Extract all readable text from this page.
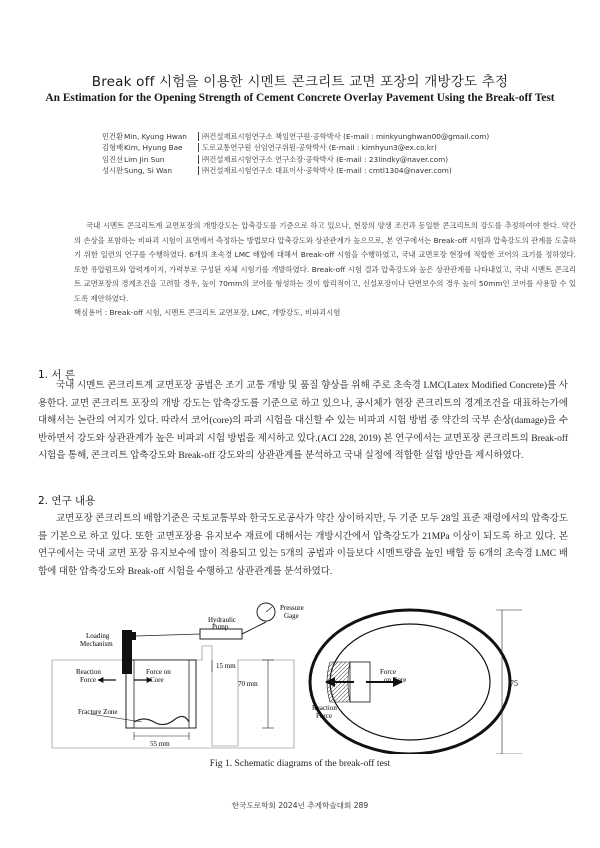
Break off 시험을 이용한 시멘트 콘크리트 교면 포장의 개방강도 추정
An Estimation for the Opening Strength of Cement Concrete Overlay Pavement Using the Break-off Test
민건환 Min, Kyung Hwan	㈜건설재료시험연구소 책임연구원·공학박사 (E-mail : minkyunghwan00@gmail.com)
김형배 Kim, Hyung Bae	도로교통연구원 선임연구위원·공학박사 (E-mail : kimhyun3@ex.co.kr)
임진선 Lim Jin Sun	㈜건설재료시험연구소 연구소장·공학박사 (E-mail : 23lindky@naver.com)
성시완 Sung, Si Wan	㈜건설재료시험연구소 대표이사·공학박사 (E-mail : cmtl1304@naver.com)

국내 시멘트 콘크리트계 교면포장의 개방강도는 압축강도를 기준으로 하고 있으나, 현장의 양생 조건과 동일한 콘크리트의 강도를 추정하여야 한다. 약간의 손상을 포함하는 비파괴 시험이 표면에서 측정하는 방법보다 압축강도와 상관관계가 높으므로, 본 연구에서는 Break-off 시험과 압축강도의 관계를 도출하기 위한 일련의 연구를 수행하였다. 6개의 초속경 LMC 배합에 대해서 Break-off 시험을 수행하였고, 국내 교면포장 현장에 적합한 코어의 크기를 정하였다. 또한 유압펌프와 압력게이지, 가력부로 구성된 자체 시험기를 개발하였다. Break-off 시험 결과 압축강도와 높은 상관관계를 나타내었고, 국내 시멘트 콘크리트 교면포장의 경계조건을 고려할 경우, 높이 70mm의 코어를 형성하는 것이 합리적이고, 신설포장이나 단면보수의 경우 높이 50mm인 코어를 사용할 수 있도록 제안하였다.

핵심용어 : Break-off 시험, 시멘트 콘크리트 교면포장, LMC, 개방강도, 비파괴시험
1. 서 론

국내 시멘트 콘크리트계 교면포장 공법은 조기 교통 개방 및 품질 향상을 위해 주로 초속경 LMC(Latex Modified Concrete)를 사용한다. 교면 콘크리트 포장의 개방 강도는 압축강도를 기준으로 하고 있으나, 공시체가 현장 콘크리트의 경계조건을 대표하는가에 대해서는 논란의 여지가 있다. 따라서 코어(core)의 파괴 시험을 대신할 수 있는 비파괴 시험 방법 중 약간의 국부 손상(damage)을 수반하면서 강도와 상관관계가 높은 비파괴 시험 방법을 제시하고 있다.(ACI 228, 2019) 본 연구에서는 교면포장 콘크리트의 Break-off 시험을 통해, 콘크리트 압축강도와 Break-off 강도와의 상관관계를 분석하고 국내 실정에 적합한 실험 방안을 제시하였다.

2. 연구 내용

교면포장 콘크리트의 배합기준은 국토교통부와 한국도로공사가 약간 상이하지만, 두 기준 모두 28일 표준 재령에서의 압축강도를 기본으로 하고 있다. 또한 교면포장용 유지보수 재료에 대해서는 개방시간에서 압축강도가 21MPa 이상이 되도록 하고 있다. 본 연구에서는 국내 교면 포장 유지보수에 많이 적용되고 있는 5개의 공법과 이들보다 시멘트량을 높인 배합 등 6개의 초속경 LMC 배합에 대한 압축강도와 Break-off 시험을 수행하고 상관관계를 분석하였다.

Pressure
Gage
Hydraulic
Pump
Loading
Mechanism
Reaction
Force
Force on
Core
Fracture Zone
15 mm
70 mm
55 mm
Reaction
Force
Force
on Core	75
Fig 1. Schematic diagrams of the break-off test
한국도로학회 2024년 추계학술대회 289
